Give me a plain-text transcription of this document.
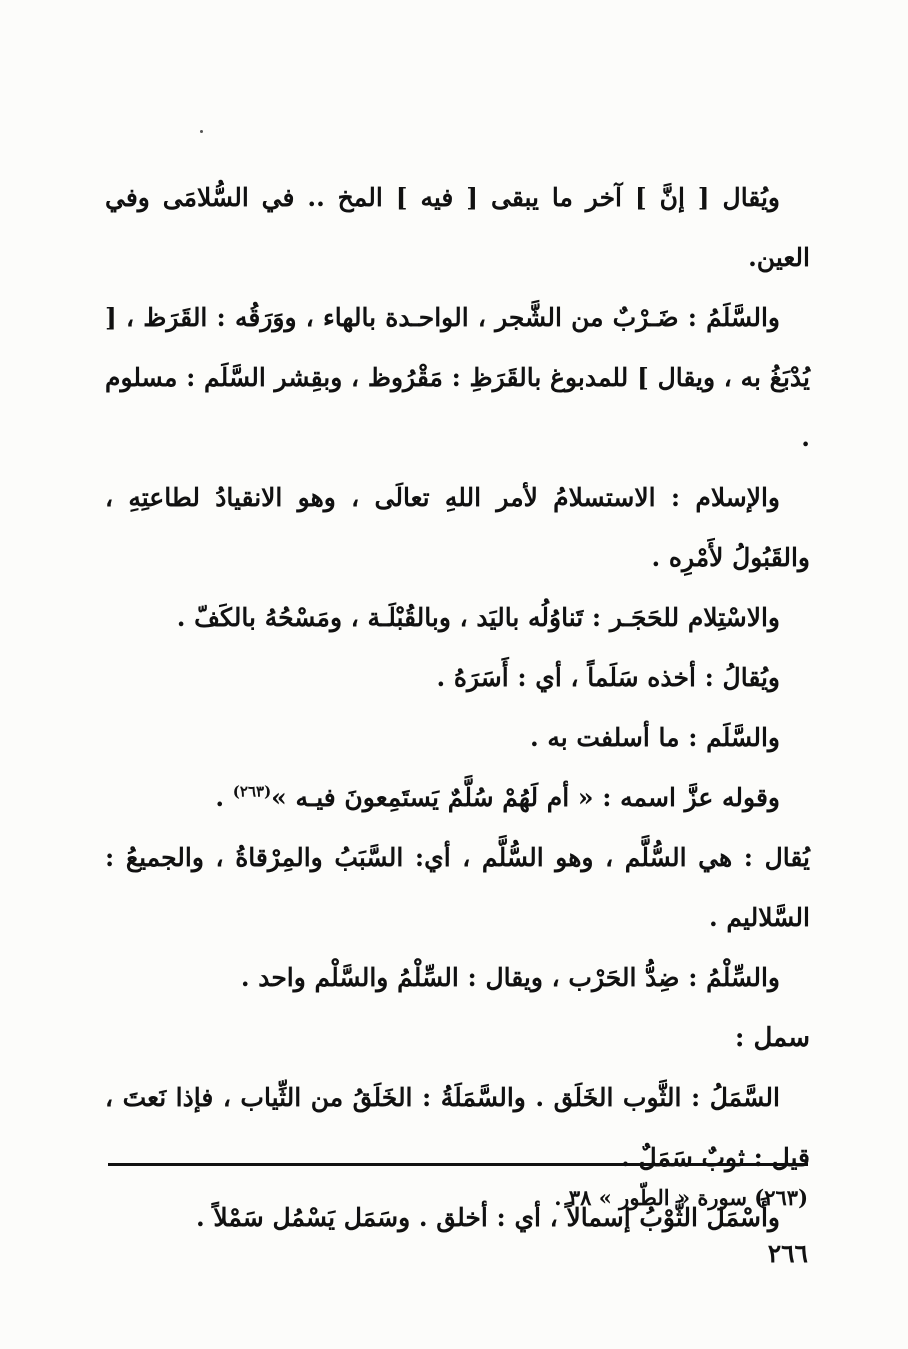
ويُقال [ إنَّ ] آخر ما يبقى [ فيه ] المخ .. في السُّلامَى وفي العين.

والسَّلَمُ : ضَـرْبٌ من الشَّجر ، الواحـدة بالهاء ، ووَرَقُه : القَرَظ ، [ يُدْبَغُ به ، ويقال ] للمدبوغ بالقَرَظِ : مَقْرُوظ ، وبقِشر السَّلَم : مسلوم .

والإسلام : الاستسلامُ لأمر اللهِ تعالَى ، وهو الانقيادُ لطاعتِهِ ، والقَبُولُ لأَمْرِه .

والاسْتِلام للحَجَـر : تَناوُلُه باليَد ، وبالقُبْلَـة ، ومَسْحُهُ بالكَفّ .

ويُقالُ : أخذه سَلَماً ، أي : أَسَرَهُ .

والسَّلَم : ما أسلفت به .

وقوله عزَّ اسمه : « أم لَهُمْ سُلَّمٌ يَستَمِعونَ فيـه »$^{(٢٦٣)}$ .

يُقال : هي السُّلَّم ، وهو السُّلَّم ، أي: السَّبَبُ والمِرْقاةُ ، والجميعُ : السَّلاليم .

والسِّلْمُ : ضِدُّ الحَرْب ، ويقال : السِّلْمُ والسَّلْم واحد .

سمل :

السَّمَلُ : الثَّوب الخَلَق . والسَّمَلَةُ : الخَلَقُ من الثِّياب ، فإذا نَعتَ ، قيل : ثوبٌ سَمَلٌ .

وأَسْمَل الثَّوْبُ إسمالاً ، أي : أخلق . وسَمَل يَسْمُل سَمْلاً .

(٢٦٣) سورة « الطّور » ٣٨ .
٢٦٦
